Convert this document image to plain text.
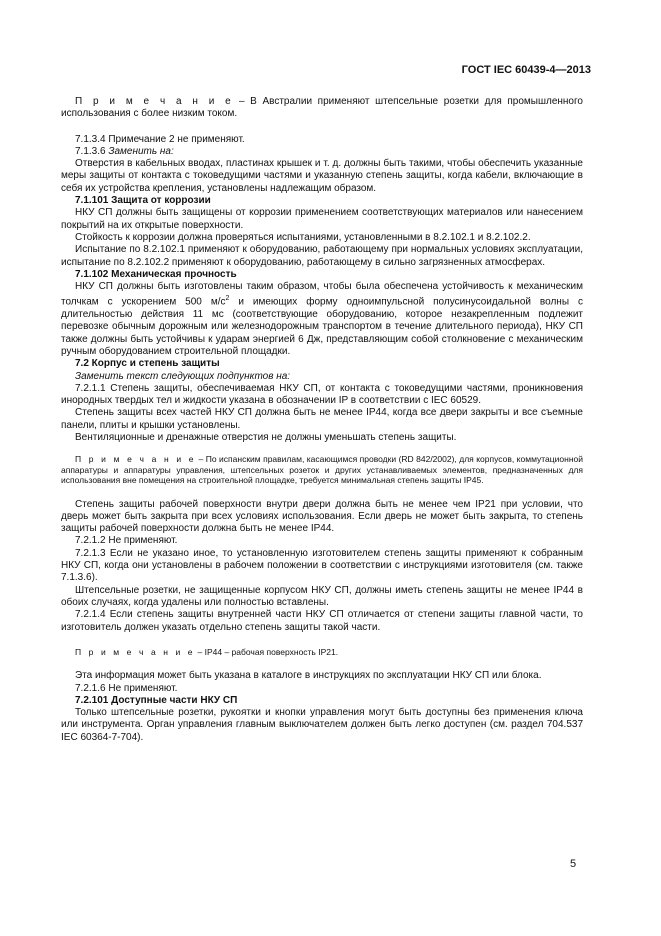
ГОСТ IEC 60439-4—2013

П р и м е ч а н и е – В Австралии применяют штепсельные розетки для промышленного использования с более низким током.

7.1.3.4 Примечание 2 не применяют.

7.1.3.6 Заменить на:

Отверстия в кабельных вводах, пластинах крышек и т. д. должны быть такими, чтобы обеспечить указанные меры защиты от контакта с токоведущими частями и указанную степень защиты, когда кабели, включающие в себя их устройства крепления, установлены надлежащим образом.

7.1.101 Защита от коррозии

НКУ СП должны быть защищены от коррозии применением соответствующих материалов или нанесением покрытий на их открытые поверхности.

Стойкость к коррозии должна проверяться испытаниями, установленными в 8.2.102.1 и 8.2.102.2.

Испытание по 8.2.102.1 применяют к оборудованию, работающему при нормальных условиях эксплуатации, испытание по 8.2.102.2 применяют к оборудованию, работающему в сильно загрязненных атмосферах.

7.1.102 Механическая прочность

НКУ СП должны быть изготовлены таким образом, чтобы была обеспечена устойчивость к механическим толчкам с ускорением 500 $м/с^2$ и имеющих форму одноимпульсной полусинусоидальной волны с длительностью действия 11 мс (соответствующие оборудованию, которое незакрепленным подлежит перевозке обычным дорожным или железнодорожным транспортом в течение длительного периода), НКУ СП также должны быть устойчивы к ударам энергией 6 Дж, представляющим собой столкновение с механическим ручным оборудованием строительной площадки.

7.2 Корпус и степень защиты

Заменить текст следующих подпунктов на:

7.2.1.1 Степень защиты, обеспечиваемая НКУ СП, от контакта с токоведущими частями, проникновения инородных твердых тел и жидкости указана в обозначении IP в соответствии с IEC 60529.

Степень защиты всех частей НКУ СП должна быть не менее IP44, когда все двери закрыты и все съемные панели, плиты и крышки установлены.

Вентиляционные и дренажные отверстия не должны уменьшать степень защиты.

П р и м е ч а н и е – По испанским правилам, касающимся проводки (RD 842/2002), для корпусов, коммутационной аппаратуры и аппаратуры управления, штепсельных розеток и других устанавливаемых элементов, предназначенных для использования вне помещения на строительной площадке, требуется минимальная степень защиты IP45.

Степень защиты рабочей поверхности внутри двери должна быть не менее чем IP21 при условии, что дверь может быть закрыта при всех условиях использования. Если дверь не может быть закрыта, то степень защиты рабочей поверхности должна быть не менее IP44.

7.2.1.2 Не применяют.

7.2.1.3 Если не указано иное, то установленную изготовителем степень защиты применяют к собранным НКУ СП, когда они установлены в рабочем положении в соответствии с инструкциями изготовителя (см. также 7.1.3.6).

Штепсельные розетки, не защищенные корпусом НКУ СП, должны иметь степень защиты не менее IP44 в обоих случаях, когда удалены или полностью вставлены.

7.2.1.4 Если степень защиты внутренней части НКУ СП отличается от степени защиты главной части, то изготовитель должен указать отдельно степень защиты такой части.

П р и м е ч а н и е – IP44 – рабочая поверхность IP21.

Эта информация может быть указана в каталоге в инструкциях по эксплуатации НКУ СП или блока.

7.2.1.6 Не применяют.

7.2.101 Доступные части НКУ СП

Только штепсельные розетки, рукоятки и кнопки управления могут быть доступны без применения ключа или инструмента. Орган управления главным выключателем должен быть легко доступен (см. раздел 704.537 IEC 60364-7-704).

5
